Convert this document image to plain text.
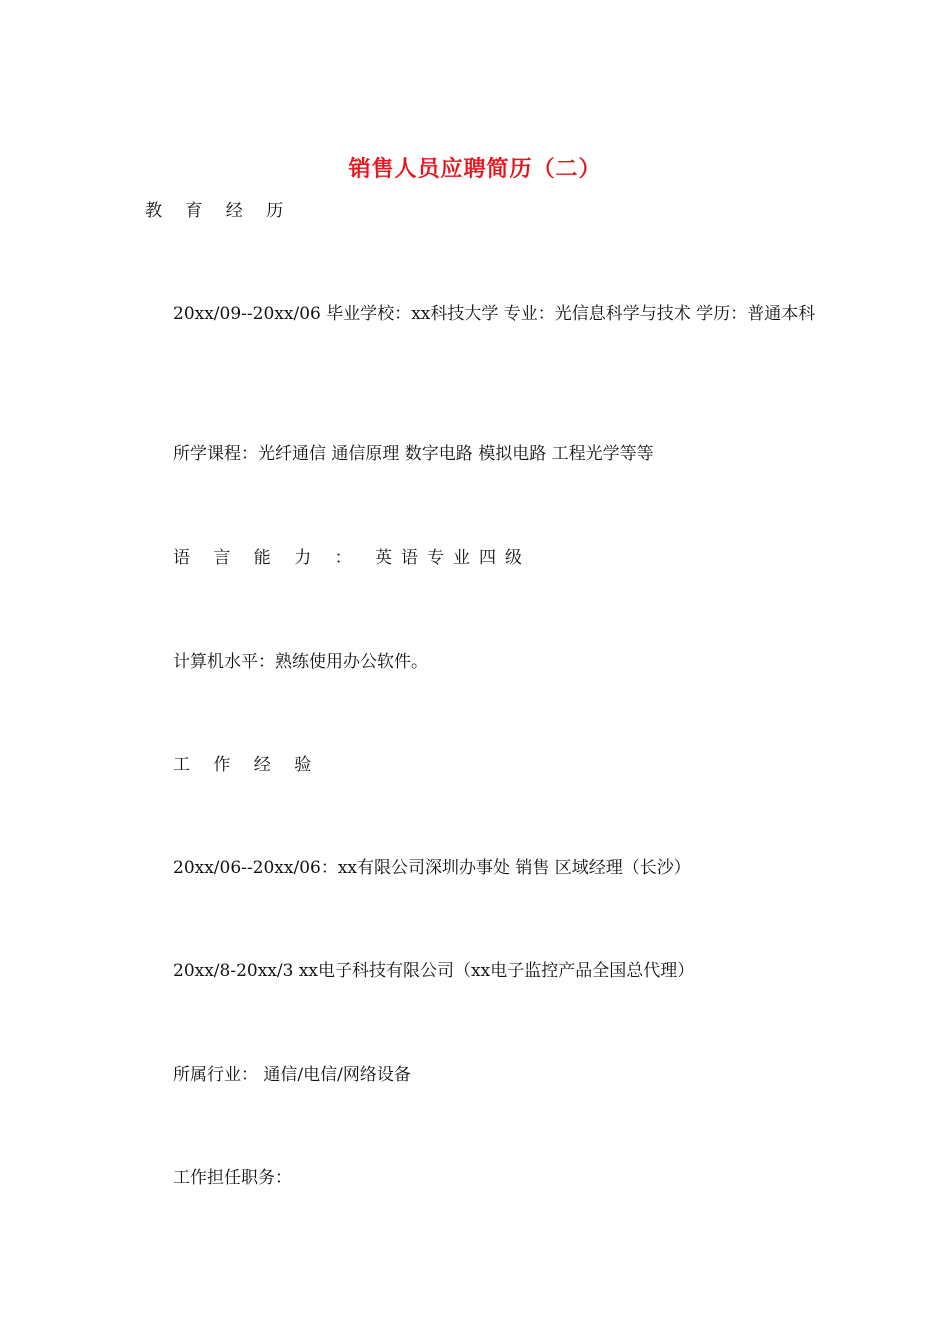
销售人员应聘简历（二）
教 育 经 历
20xx/09--20xx/06 毕业学校：xx科技大学 专业：光信息科学与技术 学历：普通本科
所学课程：光纤通信 通信原理 数字电路 模拟电路 工程光学等等
语 言 能 力 ： 英语专业四级
计算机水平：熟练使用办公软件。
工 作 经 验
20xx/06--20xx/06：xx有限公司深圳办事处 销售 区域经理（长沙）
20xx/8-20xx/3 xx电子科技有限公司（xx电子监控产品全国总代理）
所属行业： 通信/电信/网络设备
工作担任职务：
